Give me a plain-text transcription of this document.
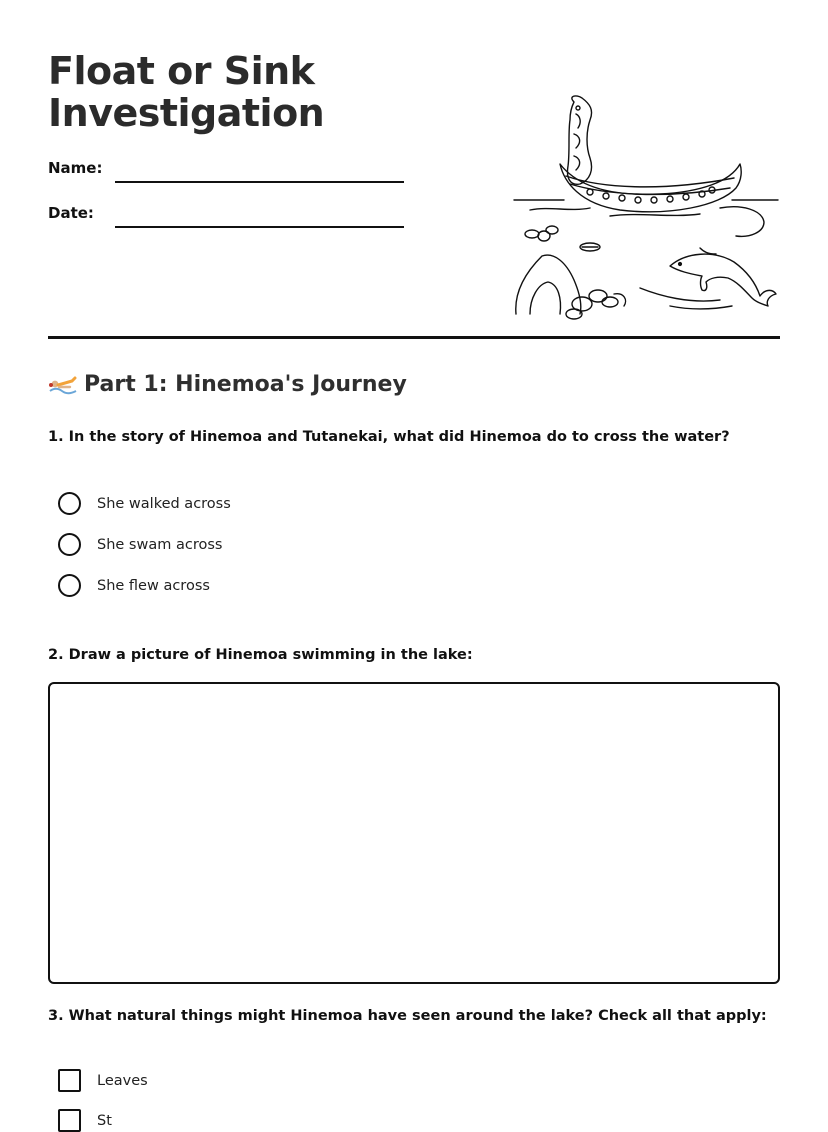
Float or Sink
Investigation
Name:
Date:
Part 1: Hinemoa's Journey

1. In the story of Hinemoa and Tutanekai, what did Hinemoa do to cross the water?

She walked across
She swam across
She flew across

2. Draw a picture of Hinemoa swimming in the lake:

3. What natural things might Hinemoa have seen around the lake? Check all that apply:

Leaves
St
